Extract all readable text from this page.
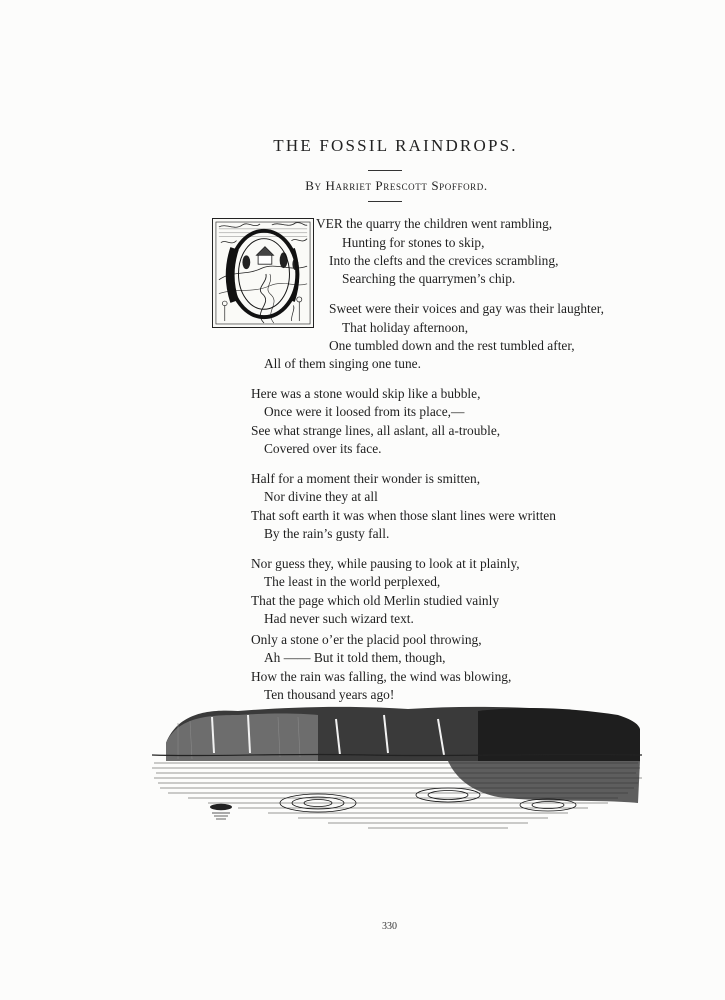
THE FOSSIL RAINDROPS.
By Harriet Prescott Spofford.
VER the quarry the children went rambling,
Hunting for stones to skip,
Into the clefts and the crevices scrambling,
Searching the quarrymen’s chip.
Sweet were their voices and gay was their laughter,
That holiday afternoon,
One tumbled down and the rest tumbled after,
All of them singing one tune.
Here was a stone would skip like a bubble,
Once were it loosed from its place,—
See what strange lines, all aslant, all a-trouble,
Covered over its face.
Half for a moment their wonder is smitten,
Nor divine they at all
That soft earth it was when those slant lines were written
By the rain’s gusty fall.
Nor guess they, while pausing to look at it plainly,
The least in the world perplexed,
That the page which old Merlin studied vainly
Had never such wizard text.
Only a stone o’er the placid pool throwing,
Ah —— But it told them, though,
How the rain was falling, the wind was blowing,
Ten thousand years ago!
330
